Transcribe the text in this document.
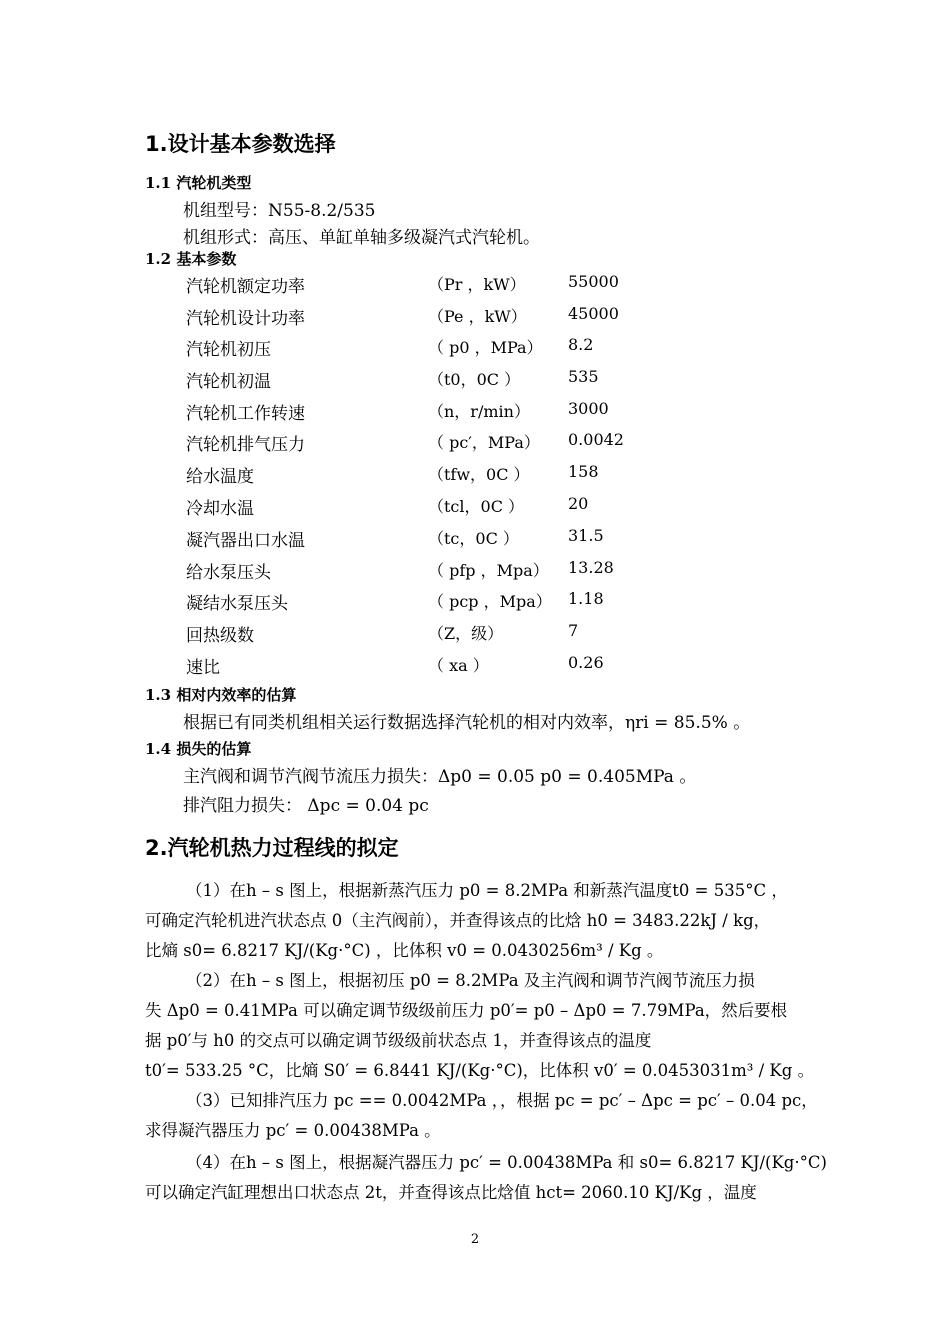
1.设计基本参数选择
1.1 汽轮机类型
机组型号：N55-8.2/535
机组形式：高压、单缸单轴多级凝汽式汽轮机。
1.2 基本参数
汽轮机额定功率	（Pr ，kW）	55000
汽轮机设计功率	（Pe ，kW）	45000
汽轮机初压	（ p0 ，MPa） 8.2
汽轮机初温	（t0，0C ）	535
汽轮机工作转速	（n，r/min） 3000
汽轮机排气压力	（ pc′，MPa） 0.0042
给水温度	（tfw，0C ） 158
冷却水温	（tcl，0C ）	20
凝汽器出口水温	（tc，0C ）	31.5
给水泵压头	（ pfp ，Mpa） 13.28
凝结水泵压头	（ pcp ，Mpa） 1.18
回热级数	（Z，级）	7
速比	（ xa ）	0.26
1.3 相对内效率的估算
根据已有同类机组相关运行数据选择汽轮机的相对内效率，ηri = 85.5% 。
1.4 损失的估算
主汽阀和调节汽阀节流压力损失：Δp0 = 0.05 p0 = 0.405MPa 。
排汽阻力损失： Δpc = 0.04 pc
2.汽轮机热力过程线的拟定
（1）在h – s 图上，根据新蒸汽压力 p0 = 8.2MPa 和新蒸汽温度t0 = 535°C ，
可确定汽轮机进汽状态点 0（主汽阀前），并查得该点的比焓 h0 = 3483.22kJ / kg，
比熵 s0= 6.8217 KJ/(Kg·°C) ，比体积 v0 = 0.0430256m³ / Kg 。
（2）在h – s 图上，根据初压 p0 = 8.2MPa 及主汽阀和调节汽阀节流压力损
失 Δp0 = 0.41MPa 可以确定调节级级前压力 p0′= p0 – Δp0 = 7.79MPa，然后要根
据 p0′与 h0 的交点可以确定调节级级前状态点 1，并查得该点的温度
t0′= 533.25 °C，比熵 S0′ = 6.8441 KJ/(Kg·°C)，比体积 v0′ = 0.0453031m³ / Kg 。
（3）已知排汽压力 pc == 0.0042MPa ，，根据 pc = pc′ – Δpc = pc′ – 0.04 pc，
求得凝汽器压力 pc′ = 0.00438MPa 。
（4）在h – s 图上，根据凝汽器压力 pc′ = 0.00438MPa 和 s0= 6.8217 KJ/(Kg·°C)
可以确定汽缸理想出口状态点 2t，并查得该点比焓值 hct= 2060.10 KJ/Kg ，温度
2
